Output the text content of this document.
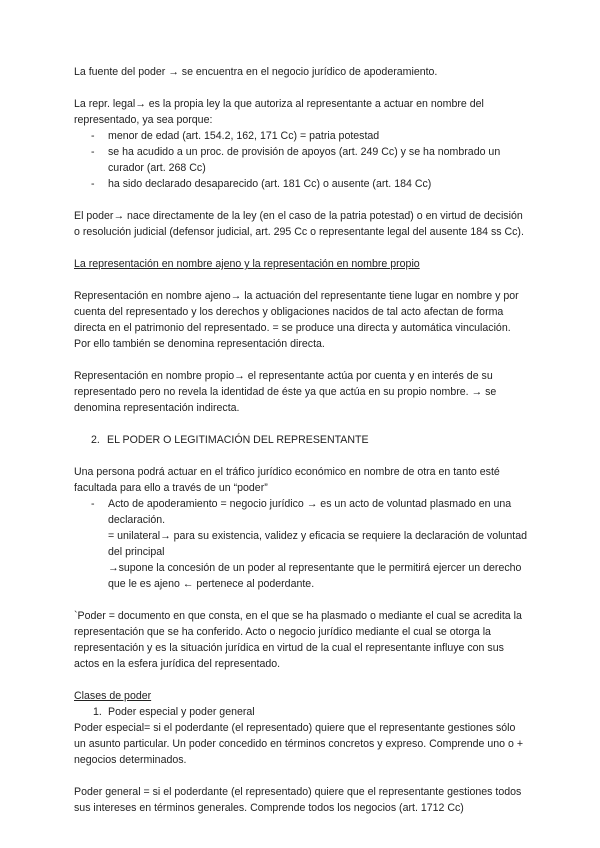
La fuente del poder → se encuentra en el negocio jurídico de apoderamiento.

La repr. legal→ es la propia ley la que autoriza al representante a actuar en nombre del representado, ya sea porque:

- menor de edad (art. 154.2, 162, 171 Cc) = patria potestad
- se ha acudido a un proc. de provisión de apoyos (art. 249 Cc) y se ha nombrado un curador (art. 268 Cc)
- ha sido declarado desaparecido (art. 181 Cc) o ausente (art. 184 Cc)

El poder→ nace directamente de la ley (en el caso de la patria potestad) o en virtud de decisión o resolución judicial (defensor judicial, art. 295 Cc o representante legal del ausente 184 ss Cc).

La representación en nombre ajeno y la representación en nombre propio

Representación en nombre ajeno→ la actuación del representante tiene lugar en nombre y por cuenta del representado y los derechos y obligaciones nacidos de tal acto afectan de forma directa en el patrimonio del representado. = se produce una directa y automática vinculación. Por ello también se denomina representación directa.

Representación en nombre propio→ el representante actúa por cuenta y en interés de su representado pero no revela la identidad de éste ya que actúa en su propio nombre. → se denomina representación indirecta.

2. EL PODER O LEGITIMACIÓN DEL REPRESENTANTE

Una persona podrá actuar en el tráfico jurídico económico en nombre de otra en tanto esté facultada para ello a través de un “poder”

- Acto de apoderamiento = negocio jurídico → es un acto de voluntad plasmado en una declaración.

= unilateral→ para su existencia, validez y eficacia se requiere la declaración de voluntad del principal

→supone la concesión de un poder al representante que le permitirá ejercer un derecho que le es ajeno ← pertenece al poderdante.

`Poder = documento en que consta, en el que se ha plasmado o mediante el cual se acredita la representación que se ha conferido. Acto o negocio jurídico mediante el cual se otorga la representación y es la situación jurídica en virtud de la cual el representante influye con sus actos en la esfera jurídica del representado.

Clases de poder

1. Poder especial y poder general

Poder especial= si el poderdante (el representado) quiere que el representante gestiones sólo un asunto particular. Un poder concedido en términos concretos y expreso. Comprende uno o + negocios determinados.

Poder general = si el poderdante (el representado) quiere que el representante gestiones todos sus intereses en términos generales. Comprende todos los negocios (art. 1712 Cc)
